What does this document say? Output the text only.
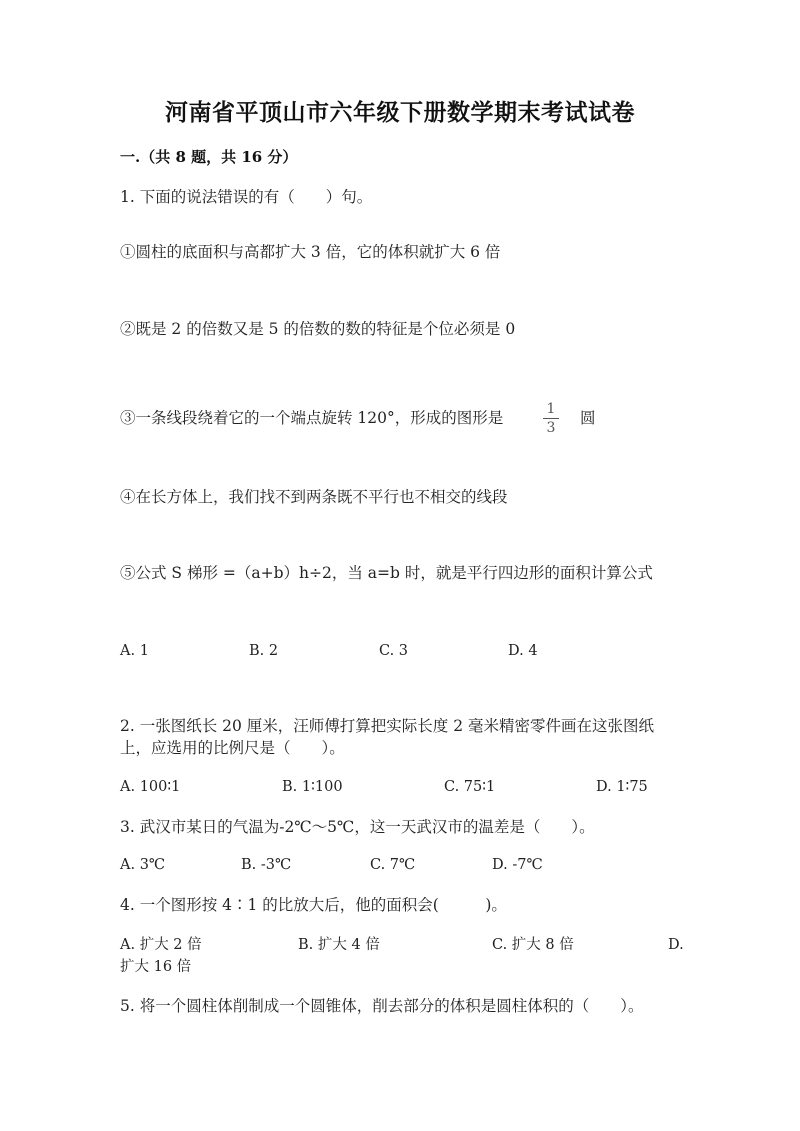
河南省平顶山市六年级下册数学期末考试试卷
一.（共 8 题，共 16 分）
1. 下面的说法错误的有（　　）句。
①圆柱的底面积与高都扩大 3 倍，它的体积就扩大 6 倍
②既是 2 的倍数又是 5 的倍数的数的特征是个位必须是 0
③一条线段绕着它的一个端点旋转 120°，形成的图形是	1
3
圆
④在长方体上，我们找不到两条既不平行也不相交的线段
⑤公式 S 梯形 =（a+b）h÷2，当 a=b 时，就是平行四边形的面积计算公式
A. 1	B. 2	C. 3	D. 4
2. 一张图纸长 20 厘米，汪师傅打算把实际长度 2 毫米精密零件画在这张图纸
上，应选用的比例尺是（　　）。
A. 100∶1	B. 1∶100	C. 75∶1	D. 1∶75
3. 武汉市某日的气温为-2℃～5℃，这一天武汉市的温差是（　　）。
A. 3℃	B. -3℃	C. 7℃	D. -7℃
4. 一个图形按 4∶1 的比放大后，他的面积会(　　　)。
A. 扩大 2 倍	B. 扩大 4 倍	C. 扩大 8 倍	D.
扩大 16 倍
5. 将一个圆柱体削制成一个圆锥体，削去部分的体积是圆柱体积的（　　）。
